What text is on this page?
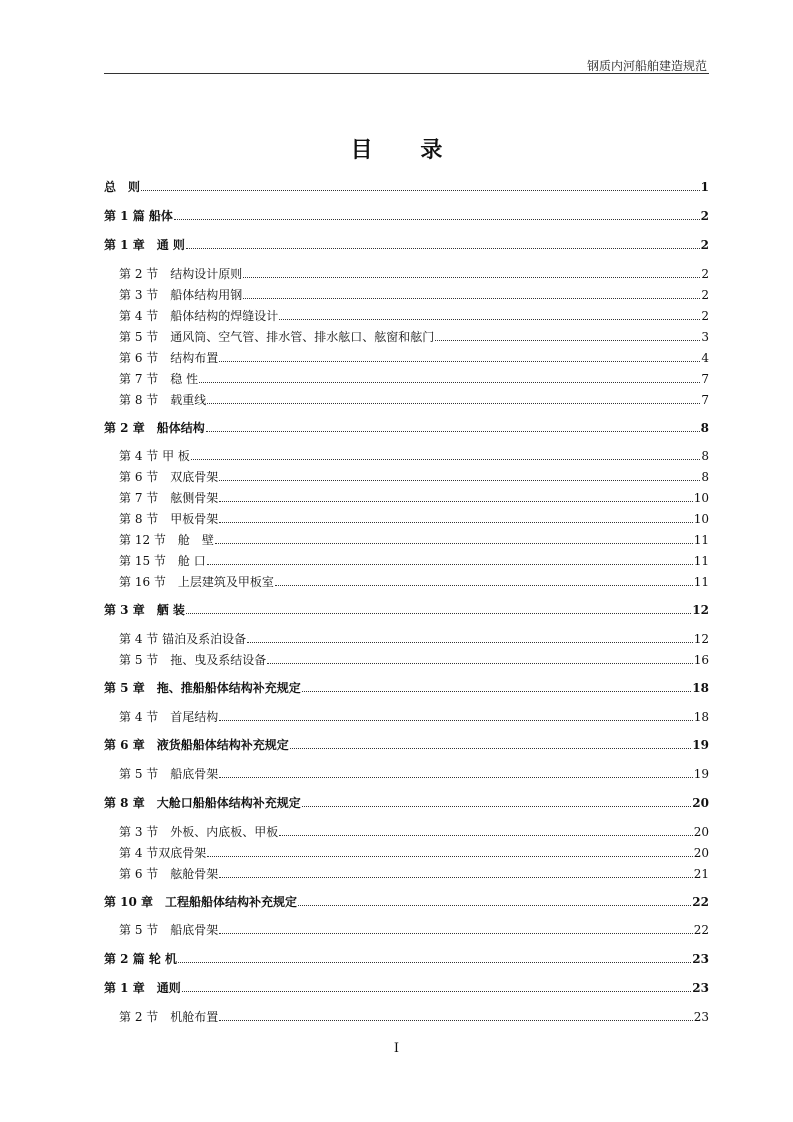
钢质内河船舶建造规范
目 录
总　则	1
第 1 篇 船体	2
第 1 章　通 则	2
第 2 节　结构设计原则	2
第 3 节　船体结构用钢	2
第 4 节　船体结构的焊缝设计	2
第 5 节　通风筒、空气管、排水管、排水舷口、舷窗和舷门	3
第 6 节　结构布置	4
第 7 节　稳 性	7
第 8 节　载重线	7
第 2 章　船体结构	8
第 4 节 甲 板	8
第 6 节　双底骨架	8
第 7 节　舷侧骨架	10
第 8 节　甲板骨架	10
第 12 节　舱　壁	11
第 15 节　舱 口	11
第 16 节　上层建筑及甲板室	11
第 3 章　舾 装	12
第 4 节 锚泊及系泊设备	12
第 5 节　拖、曳及系结设备	16
第 5 章　拖、推船船体结构补充规定	18
第 4 节　首尾结构	18
第 6 章　液货船船体结构补充规定	19
第 5 节　船底骨架	19
第 8 章　大舱口船船体结构补充规定	20
第 3 节　外板、内底板、甲板	20
第 4 节双底骨架	20
第 6 节　舷舱骨架	21
第 10 章　工程船船体结构补充规定	22
第 5 节　船底骨架	22
第 2 篇 轮 机	23
第 1 章　通则	23
第 2 节　机舱布置	23
I
